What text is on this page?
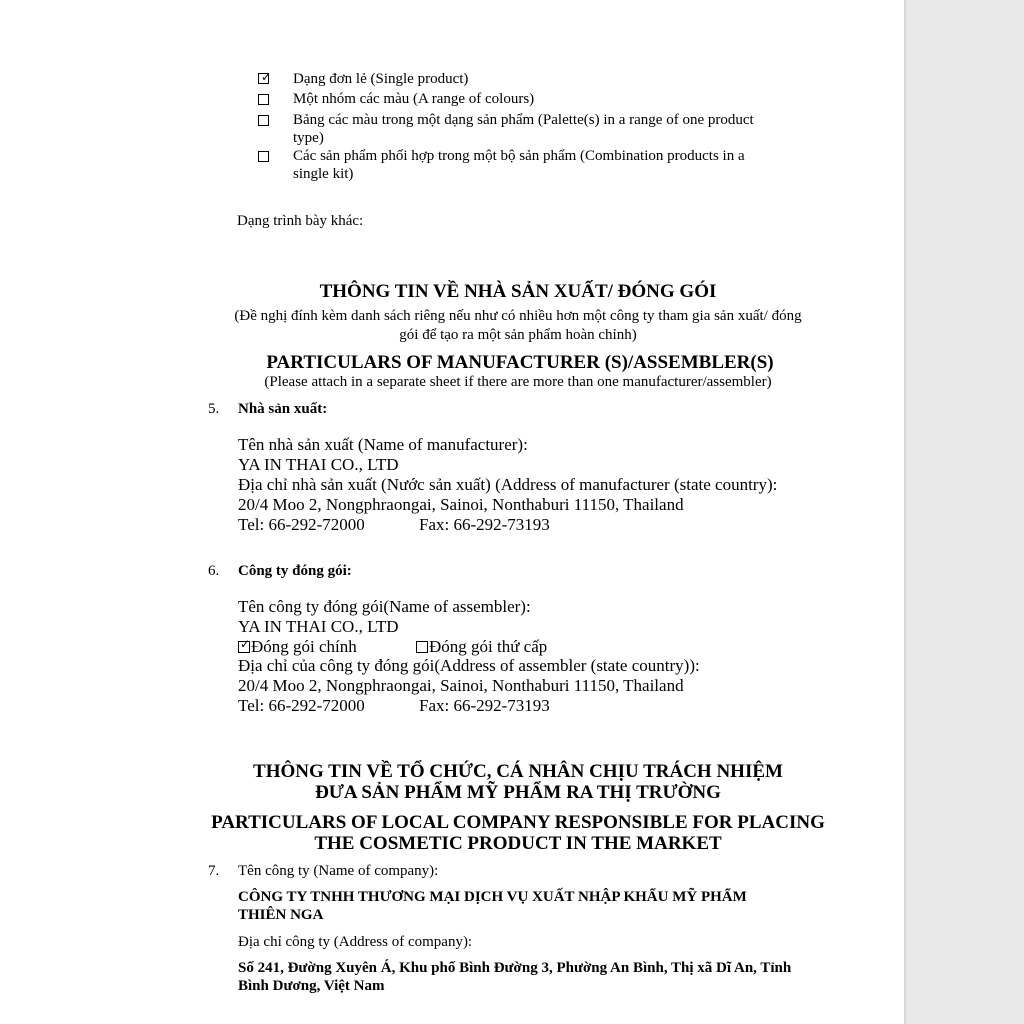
✓ Dạng đơn lẻ (Single product)
Một nhóm các màu (A range of colours)
Bảng các màu trong một dạng sản phẩm (Palette(s) in a range of one product
type)
Các sản phẩm phối hợp trong một bộ sản phẩm (Combination products in a
single kit)
Dạng trình bày khác:
THÔNG TIN VỀ NHÀ SẢN XUẤT/ ĐÓNG GÓI
(Đề nghị đính kèm danh sách riêng nếu như có nhiều hơn một công ty tham gia sản xuất/ đóng
gói để tạo ra một sản phẩm hoàn chỉnh)
PARTICULARS OF MANUFACTURER (S)/ASSEMBLER(S)
(Please attach in a separate sheet if there are more than one manufacturer/assembler)
5. Nhà sản xuất:
Tên nhà sản xuất (Name of manufacturer):
YA IN THAI CO., LTD
Địa chỉ nhà sản xuất (Nước sản xuất) (Address of manufacturer (state country):
20/4 Moo 2, Nongphraongai, Sainoi, Nonthaburi 11150, Thailand
Tel: 66-292-72000	Fax: 66-292-73193
6. Công ty đóng gói:
Tên công ty đóng gói(Name of assembler):
YA IN THAI CO., LTD
✓ Đóng gói chính	Đóng gói thứ cấp
Địa chỉ của công ty đóng gói(Address of assembler (state country)):
20/4 Moo 2, Nongphraongai, Sainoi, Nonthaburi 11150, Thailand
Tel: 66-292-72000	Fax: 66-292-73193
THÔNG TIN VỀ TỔ CHỨC, CÁ NHÂN CHỊU TRÁCH NHIỆM
ĐƯA SẢN PHẨM MỸ PHẨM RA THỊ TRƯỜNG
PARTICULARS OF LOCAL COMPANY RESPONSIBLE FOR PLACING
THE COSMETIC PRODUCT IN THE MARKET
7. Tên công ty (Name of company):
CÔNG TY TNHH THƯƠNG MẠI DỊCH VỤ XUẤT NHẬP KHẨU MỸ PHẨM
THIÊN NGA
Địa chỉ công ty (Address of company):
Số 241, Đường Xuyên Á, Khu phố Bình Đường 3, Phường An Bình, Thị xã Dĩ An, Tỉnh
Bình Dương, Việt Nam
